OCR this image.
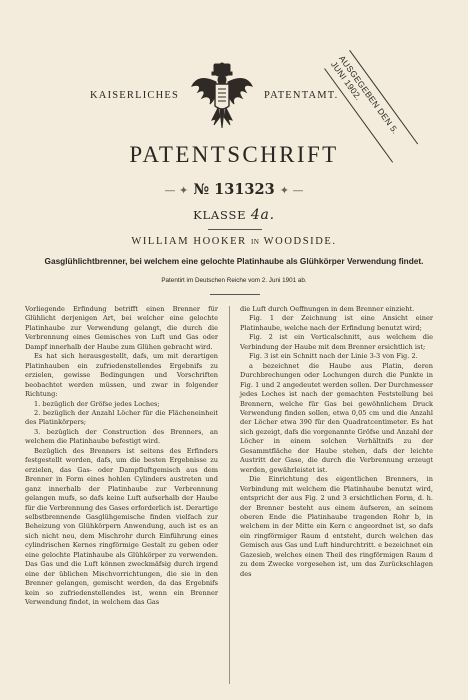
KAISERLICHES	PATENTAMT.
AUSGEGEBEN DEN 5. JUNI 1902.
PATENTSCHRIFT
— ✦ № 131323 ✦ —
KLASSE 4a.
WILLIAM HOOKER IN WOODSIDE.
Gasglühlichtbrenner, bei welchem eine gelochte Platinhaube als Glühkörper Verwendung findet.
Patentirt im Deutschen Reiche vom 2. Juni 1901 ab.

Vorliegende Erfindung betrifft einen Brenner für Glühlicht derjenigen Art, bei welcher eine gelochte Platinhaube zur Verwendung gelangt, die durch die Verbrennung eines Gemisches von Luft und Gas oder Dampf innerhalb der Haube zum Glühen gebracht wird.

Es hat sich herausgestellt, dafs, um mit derartigen Platinhauben ein zufriedenstellendes Ergebnifs zu erzielen, gewisse Bedingungen und Vorschriften beobachtet werden müssen, und zwar in folgender Richtung:

1. bezüglich der Gröfse jedes Loches;

2. bezüglich der Anzahl Löcher für die Flächeneinheit des Platinkörpers;

3. bezüglich der Construction des Brenners, an welchem die Platinhaube befestigt wird.

Bezüglich des Brenners ist seitens des Erfinders festgestellt worden, dafs, um die besten Ergebnisse zu erzielen, das Gas- oder Dampfluftgemisch aus dem Brenner in Form eines hohlen Cylinders austreten und ganz innerhalb der Platinhaube zur Verbrennung gelangen mufs, so dafs keine Luft aufserhalb der Haube für die Verbrennung des Gases erforderlich ist. Derartige selbstbrennende Gasglühgemische finden vielfach zur Beheizung von Glühkörpern Anwendung, auch ist es an sich nicht neu, dem Mischrohr durch Einführung eines cylindrischen Kernes ringförmige Gestalt zu geben oder eine gelochte Platinhaube als Glühkörper zu verwenden. Das Gas und die Luft können zweckmäfsig durch irgend eine der üblichen Mischvorrichtungen, die sie in den Brenner gelangen, gemischt werden, da das Ergebnifs kein so zufriedenstellendes ist, wenn ein Brenner Verwendung findet, in welchem das Gas

die Luft durch Oeffnungen in dem Brenner einzieht.

Fig. 1 der Zeichnung ist eine Ansicht einer Platinhaube, welche nach der Erfindung benutzt wird;

Fig. 2 ist ein Verticalschnitt, aus welchem die Verbindung der Haube mit dem Brenner ersichtlich ist;

Fig. 3 ist ein Schnitt nach der Linie 3-3 von Fig. 2.

a bezeichnet die Haube aus Platin, deren Durchbrechungen oder Lochungen durch die Punkte in Fig. 1 und 2 angedeutet werden sollen. Der Durchmesser jedes Loches ist nach der gemachten Feststellung bei Brennern, welche für Gas bei gewöhnlichem Druck Verwendung finden sollen, etwa 0,05 cm und die Anzahl der Löcher etwa 390 für den Quadratcentimeter. Es hat sich gezeigt, dafs die vorgenannte Gröfse und Anzahl der Löcher in einem solchen Verhältnifs zu der Gesammtfläche der Haube stehen, dafs der leichte Austritt der Gase, die durch die Verbrennung erzeugt werden, gewährleistet ist.

Die Einrichtung des eigentlichen Brenners, in Verbindung mit welchem die Platinhaube benutzt wird, entspricht der aus Fig. 2 und 3 ersichtlichen Form, d. h. der Brenner besteht aus einem äufseren, an seinem oberen Ende die Platinhaube tragenden Rohr b, in welchem in der Mitte ein Kern c angeordnet ist, so dafs ein ringförmiger Raum d entsteht, durch welchen das Gemisch aus Gas und Luft hindurchtritt. e bezeichnet ein Gazesieb, welches einen Theil des ringförmigen Raum d zu dem Zwecke vorgesehen ist, um das Zurückschlagen des
